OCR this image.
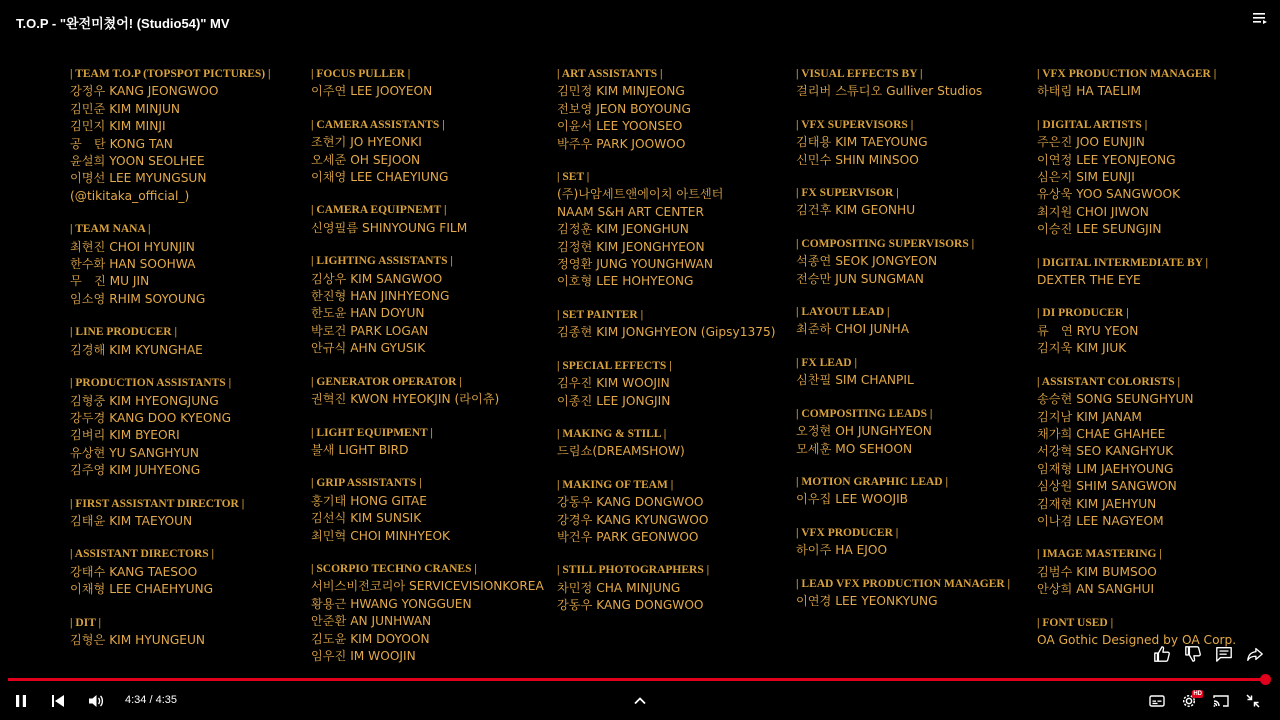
T.O.P - "완전미쳤어! (Studio54)" MV
| TEAM T.O.P (TOPSPOT PICTURES) |
강정우 KANG JEONGWOO
김민준 KIM MINJUN
김민지 KIM MINJI
공　탄 KONG TAN
윤설희 YOON SEOLHEE
이명선 LEE MYUNGSUN
(@tikitaka_official_)
| TEAM NANA |
최현진 CHOI HYUNJIN
한수화 HAN SOOHWA
무　진 MU JIN
임소영 RHIM SOYOUNG
| LINE PRODUCER |
김경해 KIM KYUNGHAE
| PRODUCTION ASSISTANTS |
김형중 KIM HYEONGJUNG
강두경 KANG DOO KYEONG
김벼리 KIM BYEORI
유상현 YU SANGHYUN
김주영 KIM JUHYEONG
| FIRST ASSISTANT DIRECTOR |
김태윤 KIM TAEYOUN
| ASSISTANT DIRECTORS |
강태수 KANG TAESOO
이채형 LEE CHAEHYUNG
| DIT |
김형은 KIM HYUNGEUN
| FOCUS PULLER |
이주연 LEE JOOYEON
| CAMERA ASSISTANTS |
조현기 JO HYEONKI
오세준 OH SEJOON
이채영 LEE CHAEYIUNG
| CAMERA EQUIPNEMT |
신영필름 SHINYOUNG FILM
| LIGHTING ASSISTANTS |
김상우 KIM SANGWOO
한진형 HAN JINHYEONG
한도윤 HAN DOYUN
박로건 PARK LOGAN
안규식 AHN GYUSIK
| GENERATOR OPERATOR |
권혁진 KWON HYEOKJIN (라이츄)
| LIGHT EQUIPMENT |
불새 LIGHT BIRD
| GRIP ASSISTANTS |
홍기태 HONG GITAE
김선식 KIM SUNSIK
최민혁 CHOI MINHYEOK
| SCORPIO TECHNO CRANES |
서비스비전코리아 SERVICEVISIONKOREA
황용근 HWANG YONGGUEN
안준환 AN JUNHWAN
김도윤 KIM DOYOON
임우진 IM WOOJIN
| ART ASSISTANTS |
김민정 KIM MINJEONG
전보영 JEON BOYOUNG
이윤서 LEE YOONSEO
박주우 PARK JOOWOO
| SET |
(주)나암세트앤에이치 아트센터
NAAM S&H ART CENTER
김정훈 KIM JEONGHUN
김정현 KIM JEONGHYEON
정영환 JUNG YOUNGHWAN
이호형 LEE HOHYEONG
| SET PAINTER |
김종현 KIM JONGHYEON (Gipsy1375)
| SPECIAL EFFECTS |
김우진 KIM WOOJIN
이종진 LEE JONGJIN
| MAKING & STILL |
드림쇼(DREAMSHOW)
| MAKING OF TEAM |
강동우 KANG DONGWOO
강경우 KANG KYUNGWOO
박건우 PARK GEONWOO
| STILL PHOTOGRAPHERS |
차민정 CHA MINJUNG
강동우 KANG DONGWOO
| VISUAL EFFECTS BY |
걸리버 스튜디오 Gulliver Studios
| VFX SUPERVISORS |
김태용 KIM TAEYOUNG
신민수 SHIN MINSOO
| FX SUPERVISOR |
김건후 KIM GEONHU
| COMPOSITING SUPERVISORS |
석종연 SEOK JONGYEON
전승만 JUN SUNGMAN
| LAYOUT LEAD |
최준하 CHOI JUNHA
| FX LEAD |
심찬필 SIM CHANPIL
| COMPOSITING LEADS |
오정현 OH JUNGHYEON
모세훈 MO SEHOON
| MOTION GRAPHIC LEAD |
이우집 LEE WOOJIB
| VFX PRODUCER |
하이주 HA EJOO
| LEAD VFX PRODUCTION MANAGER |
이연경 LEE YEONKYUNG
| VFX PRODUCTION MANAGER |
하태림 HA TAELIM
| DIGITAL ARTISTS |
주은진 JOO EUNJIN
이연정 LEE YEONJEONG
심은지 SIM EUNJI
유상욱 YOO SANGWOOK
최지원 CHOI JIWON
이승진 LEE SEUNGJIN
| DIGITAL INTERMEDIATE BY |
DEXTER THE EYE
| DI PRODUCER |
류　연 RYU YEON
김지욱 KIM JIUK
| ASSISTANT COLORISTS |
송승현 SONG SEUNGHYUN
김지남 KIM JANAM
채가희 CHAE GHAHEE
서강혁 SEO KANGHYUK
임재형 LIM JAEHYOUNG
심상원 SHIM SANGWON
김재현 KIM JAEHYUN
이나겸 LEE NAGYEOM
| IMAGE MASTERING |
김범수 KIM BUMSOO
안상희 AN SANGHUI
| FONT USED |
OA Gothic Designed by OA Corp.
4:34 / 4:35	HD
